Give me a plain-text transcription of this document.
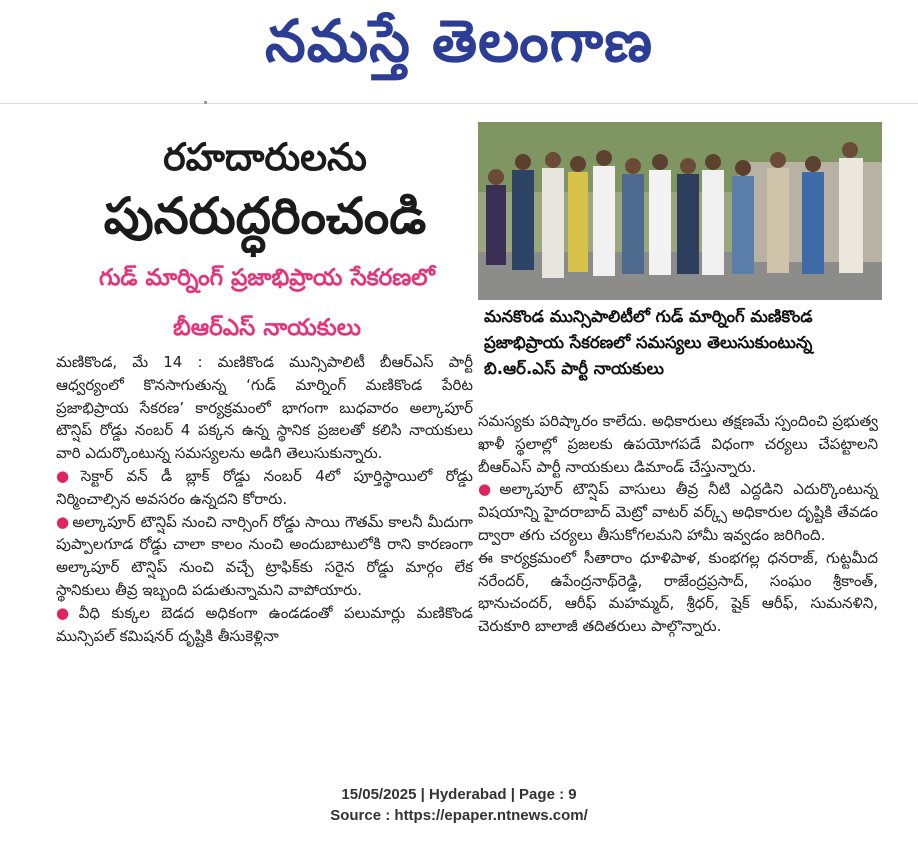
నమస్తే తెలంగాణ
రహదారులను
పునరుద్ధరించండి
గుడ్ మార్నింగ్ ప్రజాభిప్రాయ సేకరణలో
బీఆర్ఎస్ నాయకులు

మణికొండ, మే 14 : మణికొండ మున్సిపాలిటీ బీఆర్ఎస్ పార్టీ ఆధ్వర్యంలో కొనసాగుతున్న ‘గుడ్ మార్నింగ్ మణికొండ పేరిట ప్రజాభిప్రాయ సేకరణ’ కార్యక్రమంలో భాగంగా బుధవారం అల్కాపూర్ టౌన్షిప్ రోడ్డు నంబర్ 4 పక్కన ఉన్న స్థానిక ప్రజలతో కలిసి నాయకులు వారి ఎదుర్కొంటున్న సమస్యలను అడిగి తెలుసుకున్నారు.

● సెక్టార్ వన్ డీ బ్లాక్ రోడ్డు నంబర్ 4లో పూర్తిస్థాయిలో రోడ్డు నిర్మించాల్సిన అవసరం ఉన్నదని కోరారు.

● అల్కాపూర్ టౌన్షిప్ నుంచి నార్సింగ్ రోడ్డు సాయి గౌతమ్ కాలనీ మీదుగా పుప్పాలగూడ రోడ్డు చాలా కాలం నుంచి అందుబాటులోకి రాని కారణంగా అల్కాపూర్ టౌన్షిప్ నుంచి వచ్చే ట్రాఫిక్‌కు సరైన రోడ్డు మార్గం లేక స్థానికులు తీవ్ర ఇబ్బంది పడుతున్నామని వాపోయారు.

● వీధి కుక్కల బెడద అధికంగా ఉండడంతో పలుమార్లు మణికొండ మున్సిపల్ కమిషనర్ దృష్టికి తీసుకెళ్లినా

మనకొండ మున్సిపాలిటీలో గుడ్ మార్నింగ్ మణికొండ ప్రజాభిప్రాయ సేకరణలో సమస్యలు తెలుసుకుంటున్న బి.ఆర్.ఎస్ పార్టీ నాయకులు

సమస్యకు పరిష్కారం కాలేదు. అధికారులు తక్షణమే స్పందించి ప్రభుత్వ ఖాళీ స్థలాల్లో ప్రజలకు ఉపయోగపడే విధంగా చర్యలు చేపట్టాలని బీఆర్ఎస్ పార్టీ నాయకులు డిమాండ్ చేస్తున్నారు.

● అల్కాపూర్ టౌన్షిప్ వాసులు తీవ్ర నీటి ఎద్దడిని ఎదుర్కొంటున్న విషయాన్ని హైదరాబాద్ మెట్రో వాటర్ వర్క్స్ అధికారుల దృష్టికి తేవడం ద్వారా తగు చర్యలు తీసుకోగలమని హామీ ఇవ్వడం జరిగింది.

ఈ కార్యక్రమంలో సీతారాం ధూళిపాళ, కుంభగల్ల ధనరాజ్, గుట్టమీద నరేందర్, ఉపేంద్రనాథ్‌రెడ్డి, రాజేంద్రప్రసాద్, సంఘం శ్రీకాంత్, భానుచందర్, ఆరీఫ్ మహమ్మద్, శ్రీధర్, షైక్ ఆరీఫ్, సుమనళిని, చెరుకూరి బాలాజీ తదితరులు పాల్గొన్నారు.

15/05/2025 | Hyderabad | Page : 9
Source : https://epaper.ntnews.com/
